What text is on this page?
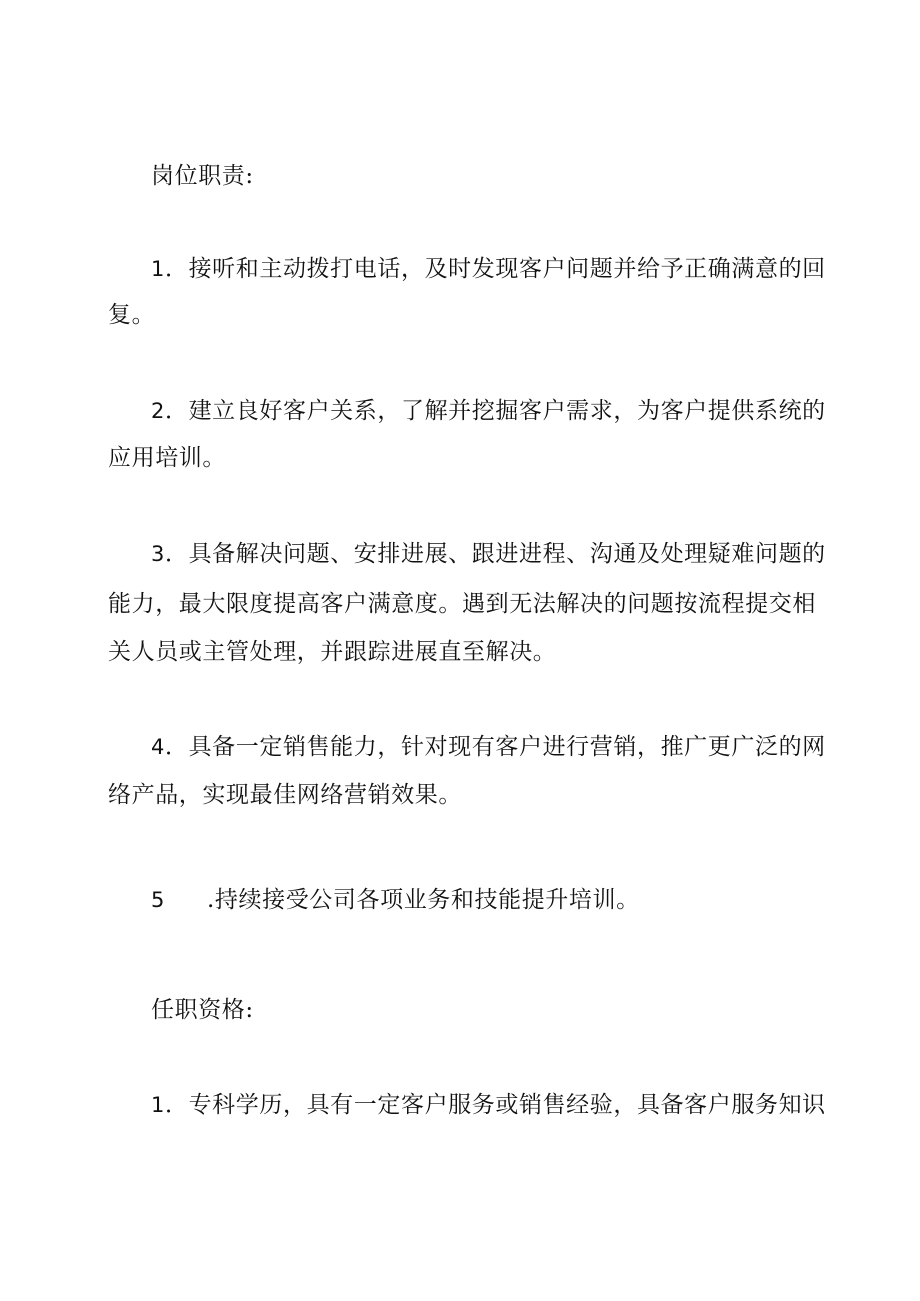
岗位职责:
1．接听和主动拨打电话，及时发现客户问题并给予正确满意的回
复。
2．建立良好客户关系，了解并挖掘客户需求，为客户提供系统的
应用培训。
3．具备解决问题、安排进展、跟进进程、沟通及处理疑难问题的
能力，最大限度提高客户满意度。遇到无法解决的问题按流程提交相
关人员或主管处理，并跟踪进展直至解决。
4．具备一定销售能力，针对现有客户进行营销，推广更广泛的网
络产品，实现最佳网络营销效果。
5 .持续接受公司各项业务和技能提升培训。
任职资格:
1．专科学历，具有一定客户服务或销售经验，具备客户服务知识
